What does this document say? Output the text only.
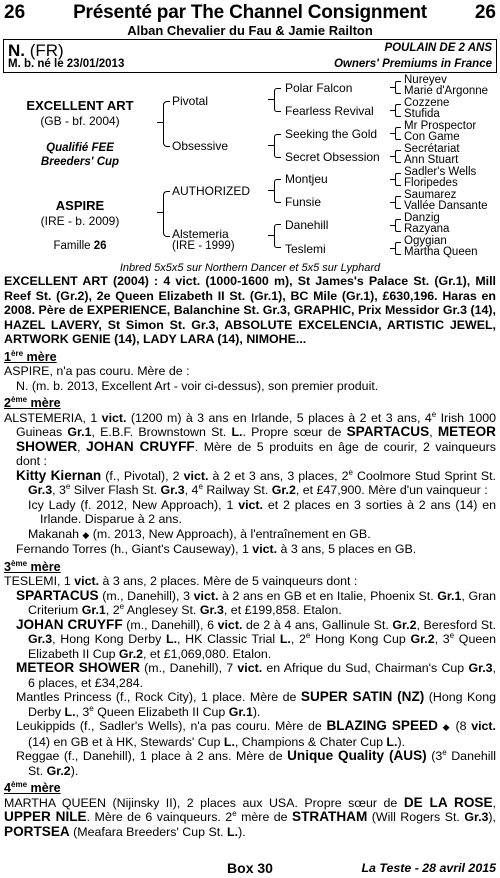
26	Présenté par The Channel Consignment	26
Alban Chevalier du Fau & Jamie Railton
N. (FR)	POULAIN DE 2 ANS
M. b. né le 23/01/2013	Owners' Premiums in France
EXCELLENT ART
(GB - bf. 2004)
Qualifié FEE
Breeders' Cup
ASPIRE
(IRE - b. 2009)
Famille 26
Pivotal
Obsessive
AUTHORIZED
Alstemeria
(IRE - 1999)
Polar Falcon
Fearless Revival
Seeking the Gold
Secret Obsession
Montjeu
Funsie
Danehill
Teslemi
Nureyev
Marie d'Argonne
Cozzene
Stufida
Mr Prospector
Con Game
Secrétariat
Ann Stuart
Sadler's Wells
Floripedes
Saumarez
Vallée Dansante
Danzig
Razyana
Ogygian
Martha Queen
Inbred 5x5x5 sur Northern Dancer et 5x5 sur Lyphard

EXCELLENT ART (2004) : 4 vict. (1000-1600 m), St James's Palace St. (Gr.1), Mill Reef St. (Gr.2), 2e Queen Elizabeth II St. (Gr.1), BC Mile (Gr.1), £630,196. Haras en 2008. Père de EXPERIENCE, Balanchine St. Gr.3, GRAPHIC, Prix Messidor Gr.3 (14), HAZEL LAVERY, St Simon St. Gr.3, ABSOLUTE EXCELENCIA, ARTISTIC JEWEL, ARTWORK GENIE (14), LADY LARA (14), NIMOHE...

1ère mère

ASPIRE, n'a pas couru. Mère de :

N. (m. b. 2013, Excellent Art - voir ci-dessus), son premier produit.

2ème mère

ALSTEMERIA, 1 vict. (1200 m) à 3 ans en Irlande, 5 places à 2 et 3 ans, 4e Irish 1000 Guineas Gr.1, E.B.F. Brownstown St. L.. Propre sœur de SPARTACUS, METEOR SHOWER, JOHAN CRUYFF. Mère de 5 produits en âge de courir, 2 vainqueurs dont :

Kitty Kiernan (f., Pivotal), 2 vict. à 2 et 3 ans, 3 places, 2e Coolmore Stud Sprint St. Gr.3, 3e Silver Flash St. Gr.3, 4e Railway St. Gr.2, et £47,900. Mère d'un vainqueur :

Icy Lady (f. 2012, New Approach), 1 vict. et 2 places en 3 sorties à 2 ans (14) en Irlande. Disparue à 2 ans.

Makanah ◆ (m. 2013, New Approach), à l'entraînement en GB.

Fernando Torres (h., Giant's Causeway), 1 vict. à 3 ans, 5 places en GB.

3ème mère

TESLEMI, 1 vict. à 3 ans, 2 places. Mère de 5 vainqueurs dont :

SPARTACUS (m., Danehill), 3 vict. à 2 ans en GB et en Italie, Phoenix St. Gr.1, Gran Criterium Gr.1, 2e Anglesey St. Gr.3, et £199,858. Etalon.

JOHAN CRUYFF (m., Danehill), 6 vict. de 2 à 4 ans, Gallinule St. Gr.2, Beresford St. Gr.3, Hong Kong Derby L., HK Classic Trial L., 2e Hong Kong Cup Gr.2, 3e Queen Elizabeth II Cup Gr.2, et £1,069,080. Etalon.

METEOR SHOWER (m., Danehill), 7 vict. en Afrique du Sud, Chairman's Cup Gr.3, 6 places, et £34,284.

Mantles Princess (f., Rock City), 1 place. Mère de SUPER SATIN (NZ) (Hong Kong Derby L., 3e Queen Elizabeth II Cup Gr.1).

Leukippids (f., Sadler's Wells), n'a pas couru. Mère de BLAZING SPEED ◆ (8 vict. (14) en GB et à HK, Stewards' Cup L., Champions & Chater Cup L.).

Reggae (f., Danehill), 1 place à 2 ans. Mère de Unique Quality (AUS) (3e Danehill St. Gr.2).

4ème mère

MARTHA QUEEN (Nijinsky II), 2 places aux USA. Propre sœur de DE LA ROSE, UPPER NILE. Mère de 6 vainqueurs. 2e mère de STRATHAM (Will Rogers St. Gr.3), PORTSEA (Meafara Breeders' Cup St. L.).

Box 30	La Teste - 28 avril 2015
